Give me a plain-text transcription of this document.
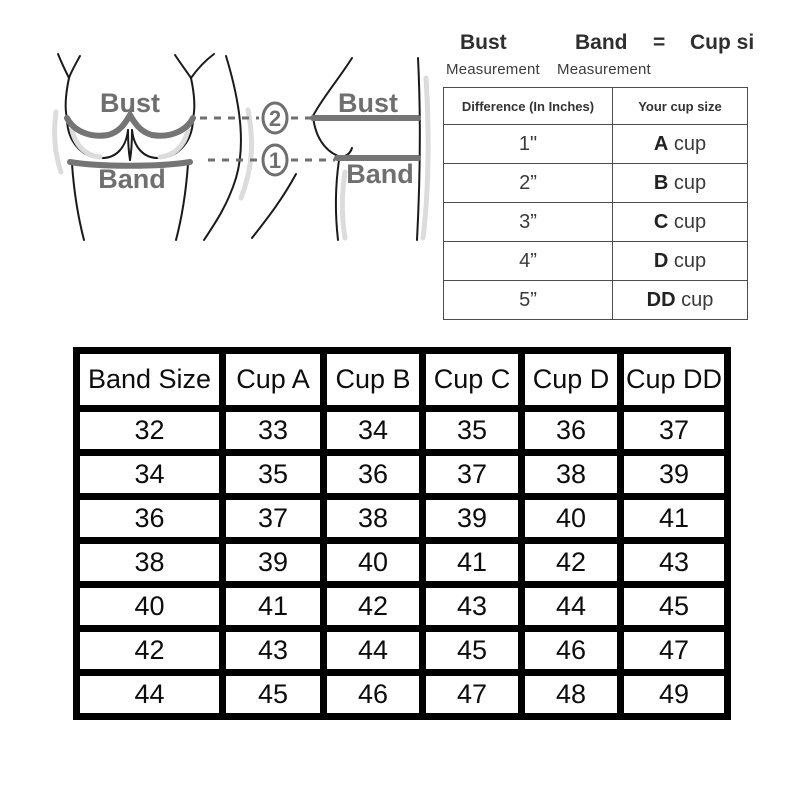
Bust
Band
Bust
Band
2
1
Bust	Band = Cup si
Measurement Measurement
Difference (In Inches)	Your cup size
1"	A cup
2”	B cup
3”	C cup
4”	D cup
5”	DD cup
Band Size	Cup A	Cup B	Cup C	Cup D	Cup DD
32	33	34	35	36	37
34	35	36	37	38	39
36	37	38	39	40	41
38	39	40	41	42	43
40	41	42	43	44	45
42	43	44	45	46	47
44	45	46	47	48	49
